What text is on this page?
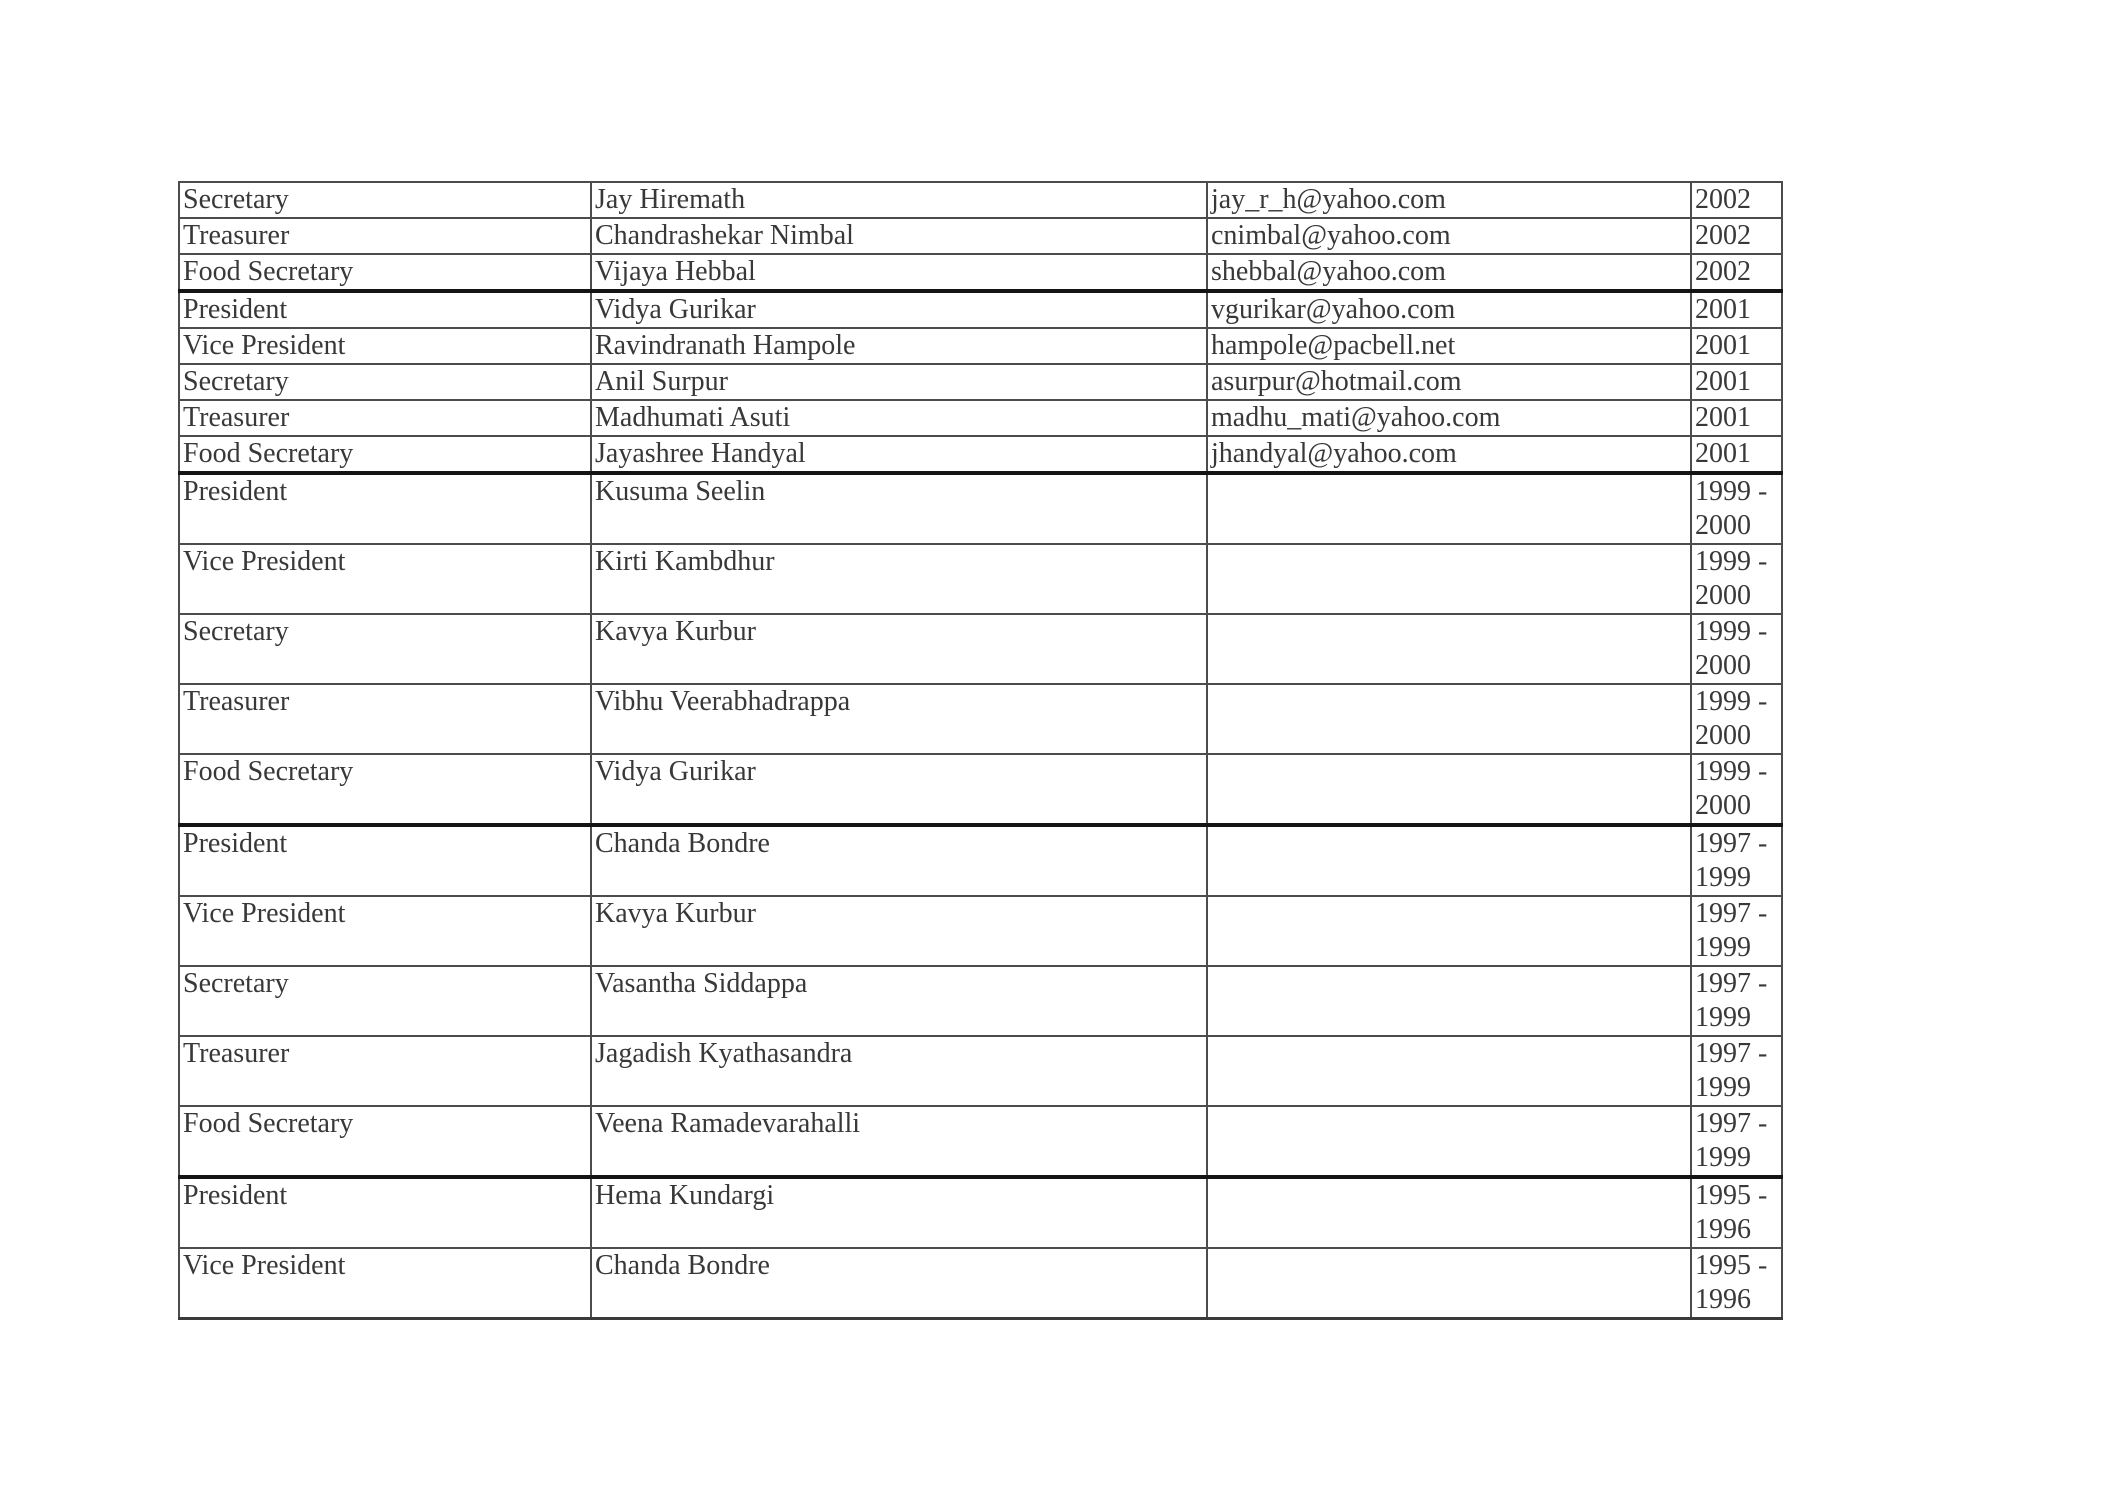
Secretary	Jay Hiremath	jay_r_h@yahoo.com	2002
Treasurer	Chandrashekar Nimbal	cnimbal@yahoo.com	2002
Food Secretary	Vijaya Hebbal	shebbal@yahoo.com	2002
President	Vidya Gurikar	vgurikar@yahoo.com	2001
Vice President	Ravindranath Hampole	hampole@pacbell.net	2001
Secretary	Anil Surpur	asurpur@hotmail.com	2001
Treasurer	Madhumati Asuti	madhu_mati@yahoo.com	2001
Food Secretary	Jayashree Handyal	jhandyal@yahoo.com	2001
President	Kusuma Seelin		1999 - 2000
Vice President	Kirti Kambdhur		1999 - 2000
Secretary	Kavya Kurbur		1999 - 2000
Treasurer	Vibhu Veerabhadrappa		1999 - 2000
Food Secretary	Vidya Gurikar		1999 - 2000
President	Chanda Bondre		1997 - 1999
Vice President	Kavya Kurbur		1997 - 1999
Secretary	Vasantha Siddappa		1997 - 1999
Treasurer	Jagadish Kyathasandra		1997 - 1999
Food Secretary	Veena Ramadevarahalli		1997 - 1999
President	Hema Kundargi		1995 - 1996
Vice President	Chanda Bondre		1995 - 1996
